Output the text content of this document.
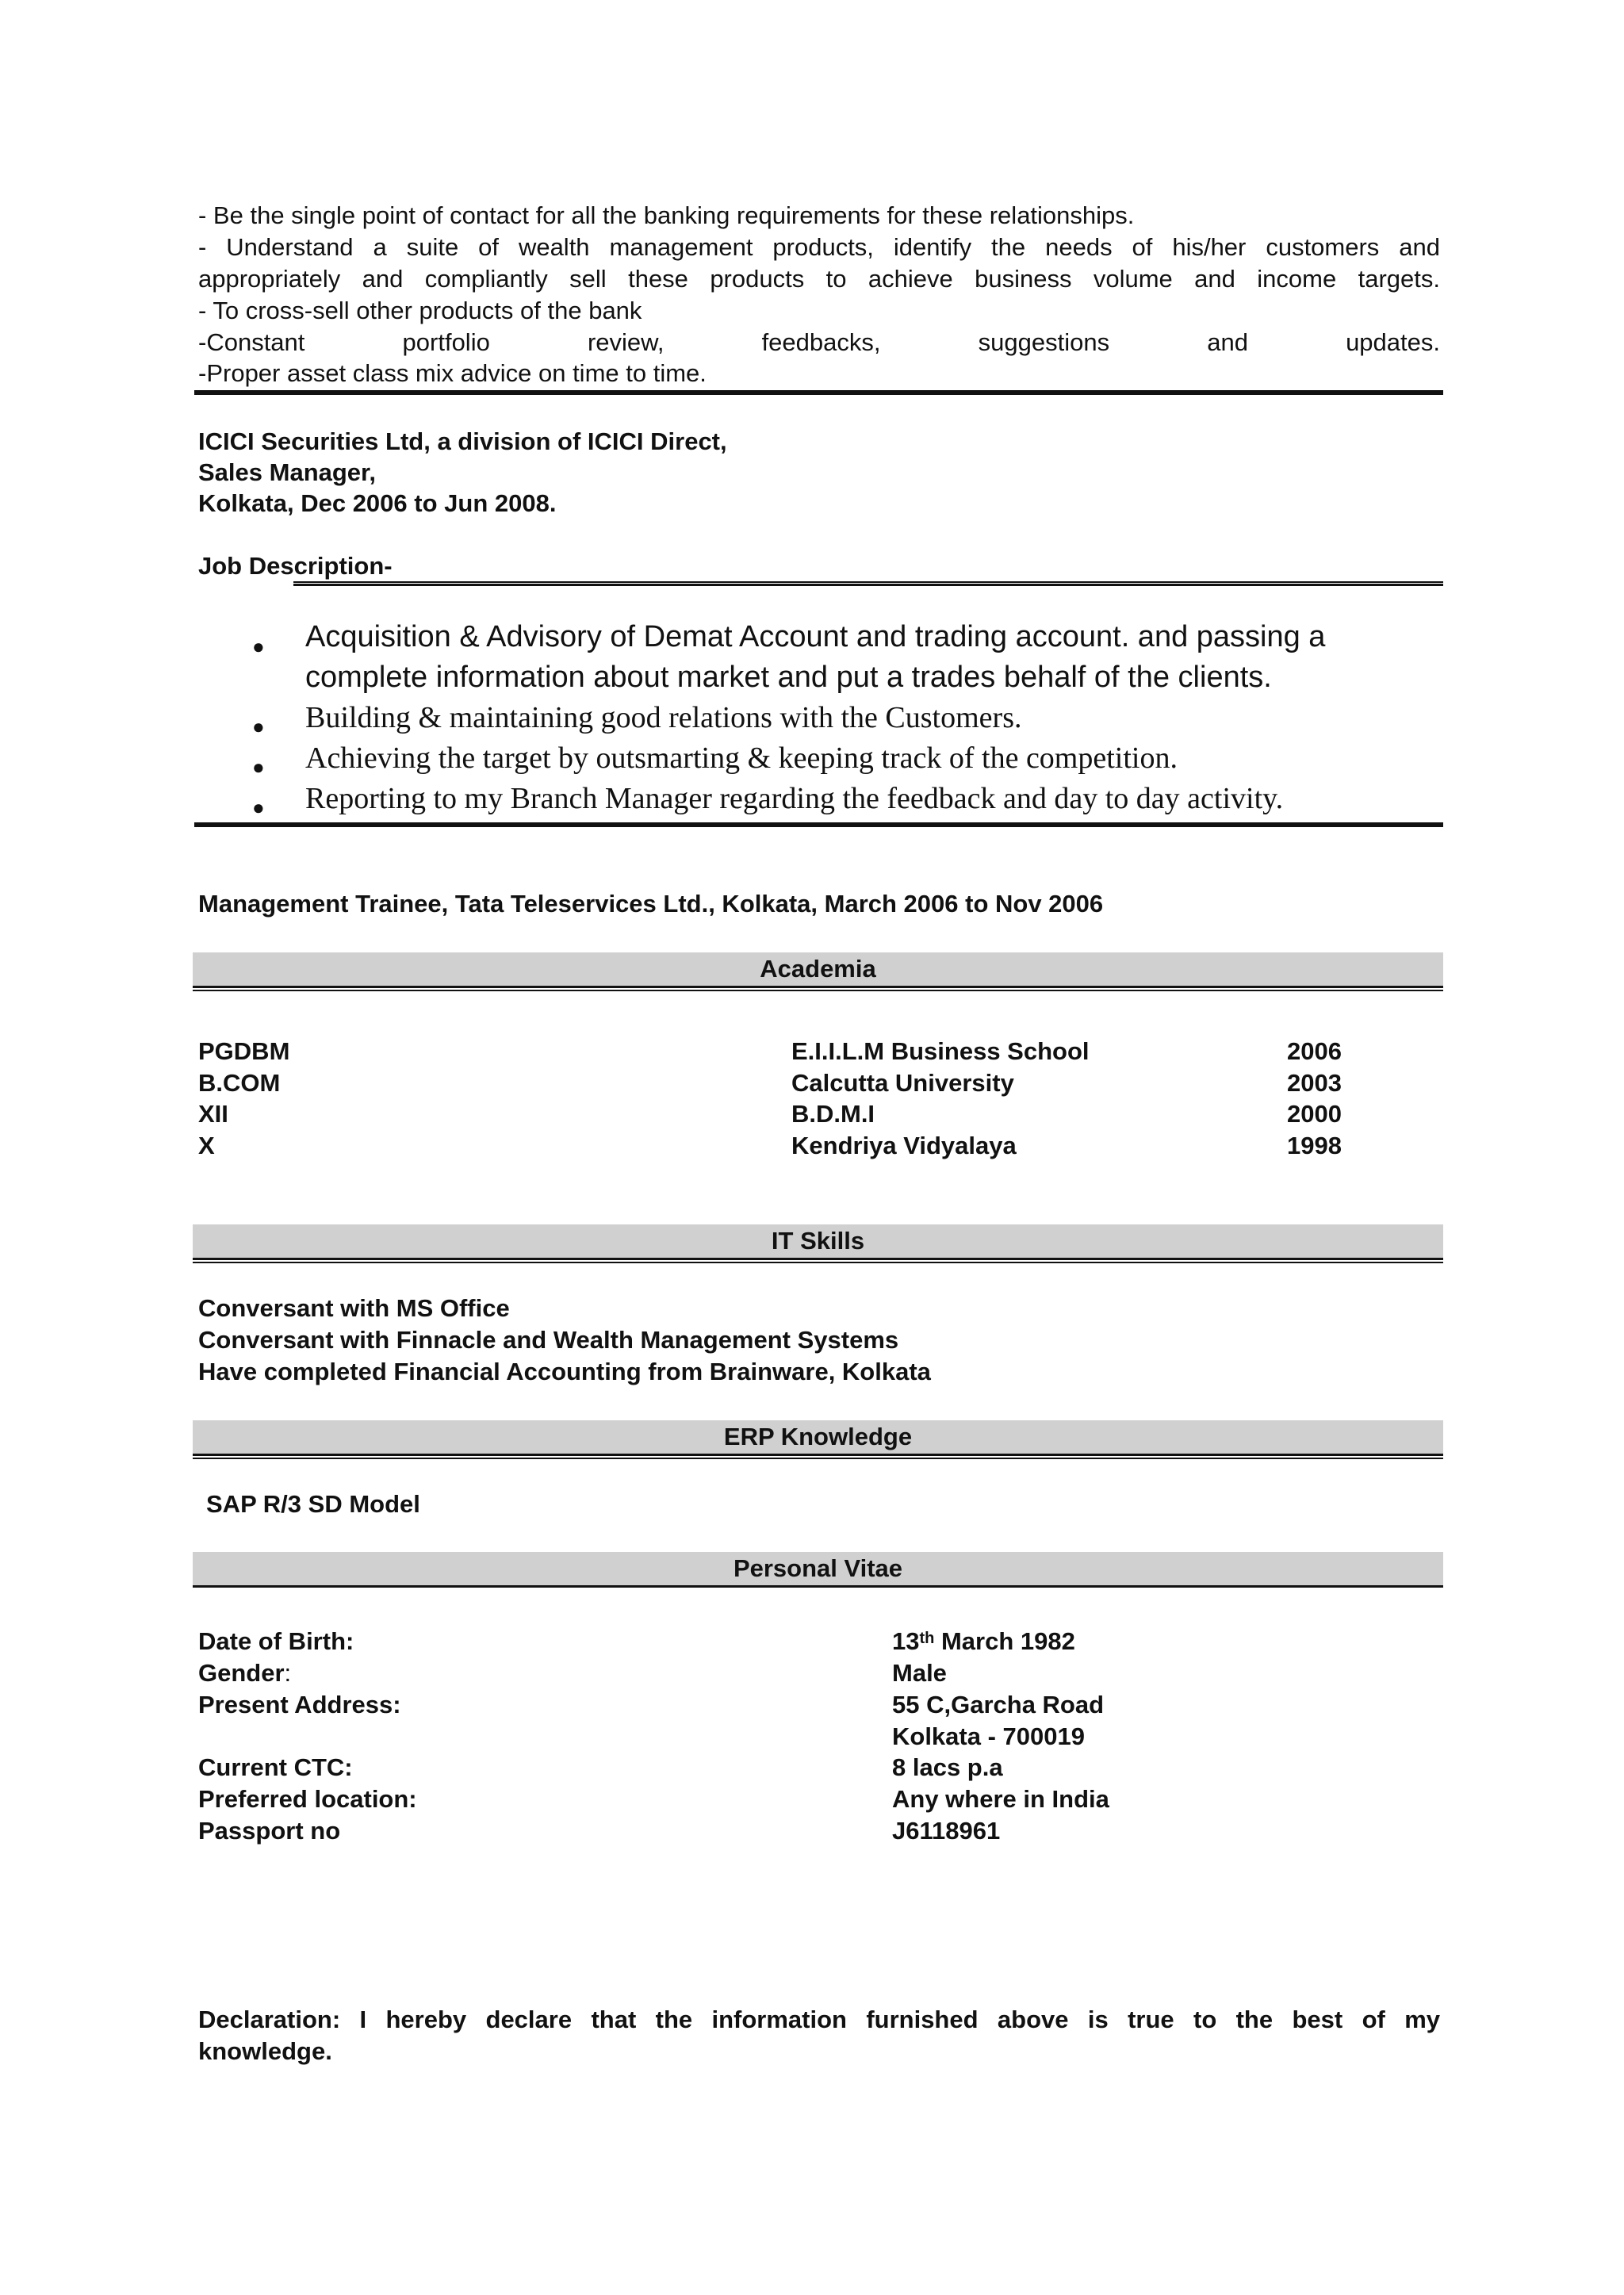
- Be the single point of contact for all the banking requirements for these relationships.
- Understand a suite of wealth management products, identify the needs of his/her customers and
appropriately and compliantly sell these products to achieve business volume and income targets.
- To cross-sell other products of the bank
-Constant portfolio review, feedbacks, suggestions and updates.
-Proper asset class mix advice on time to time.
ICICI Securities Ltd, a division of ICICI Direct,
Sales Manager,
Kolkata, Dec 2006 to Jun 2008.
Job Description-
● Acquisition & Advisory of Demat Account and trading account. and passing a
complete information about market and put a trades behalf of the clients.
● Building & maintaining good relations with the Customers.
● Achieving the target by outsmarting & keeping track of the competition.
● Reporting to my Branch Manager regarding the feedback and day to day activity.
Management Trainee, Tata Teleservices Ltd., Kolkata, March 2006 to Nov 2006
Academia
PGDBM	E.I.I.L.M Business School	2006
B.COM	Calcutta University	2003
XII	B.D.M.I	2000
X	Kendriya Vidyalaya	1998
IT Skills
Conversant with MS Office
Conversant with Finnacle and Wealth Management Systems
Have completed Financial Accounting from Brainware, Kolkata
ERP Knowledge
SAP R/3 SD Model
Personal Vitae
Date of Birth:	13th March 1982
Gender:	Male
Present Address:	55 C,Garcha Road
Kolkata - 700019
Current CTC:	8 lacs p.a
Preferred location:	Any where in India
Passport no	J6118961
Declaration: I hereby declare that the information furnished above is true to the best of my
knowledge.
